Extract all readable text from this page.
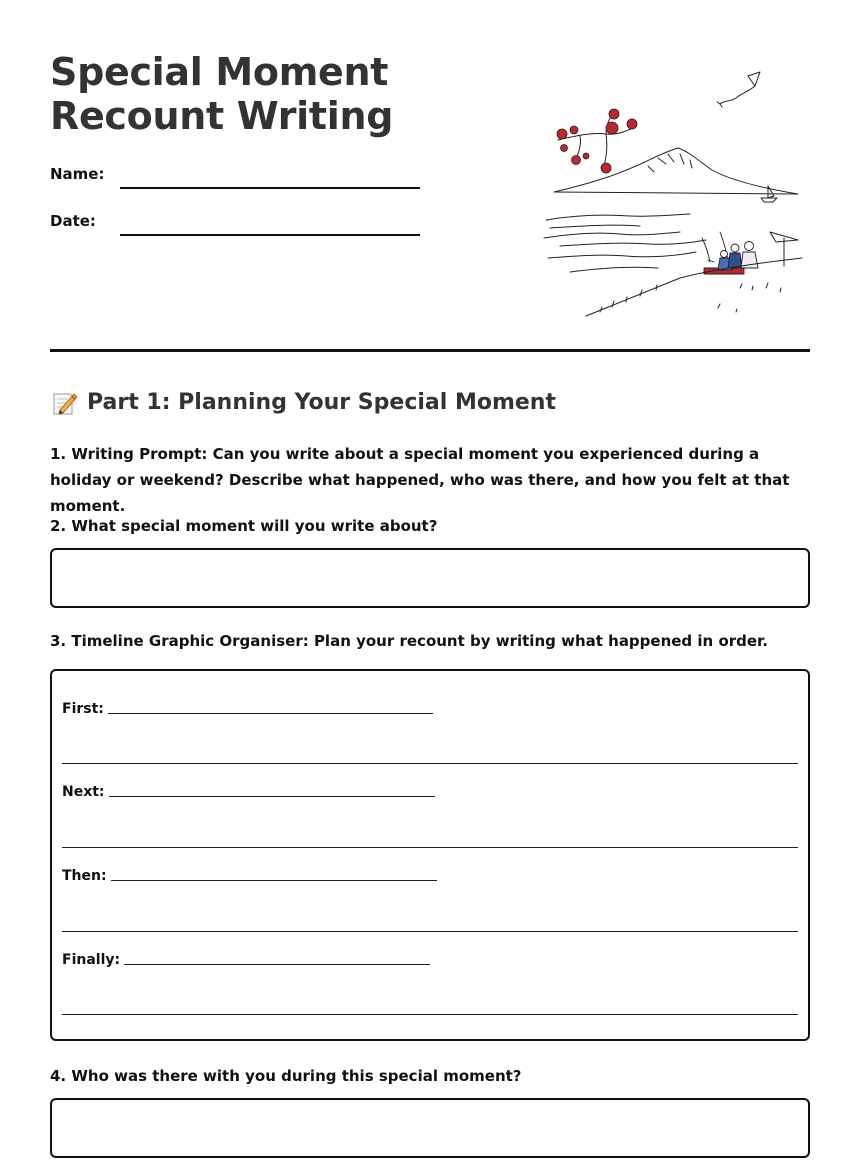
Special Moment
Recount Writing
Name:
Date:
Part 1: Planning Your Special Moment

1. Writing Prompt: Can you write about a special moment you experienced during a holiday or weekend? Describe what happened, who was there, and how you felt at that moment.

2. What special moment will you write about?

3. Timeline Graphic Organiser: Plan your recount by writing what happened in order.

First:
Next:
Then:
Finally:

4. Who was there with you during this special moment?
